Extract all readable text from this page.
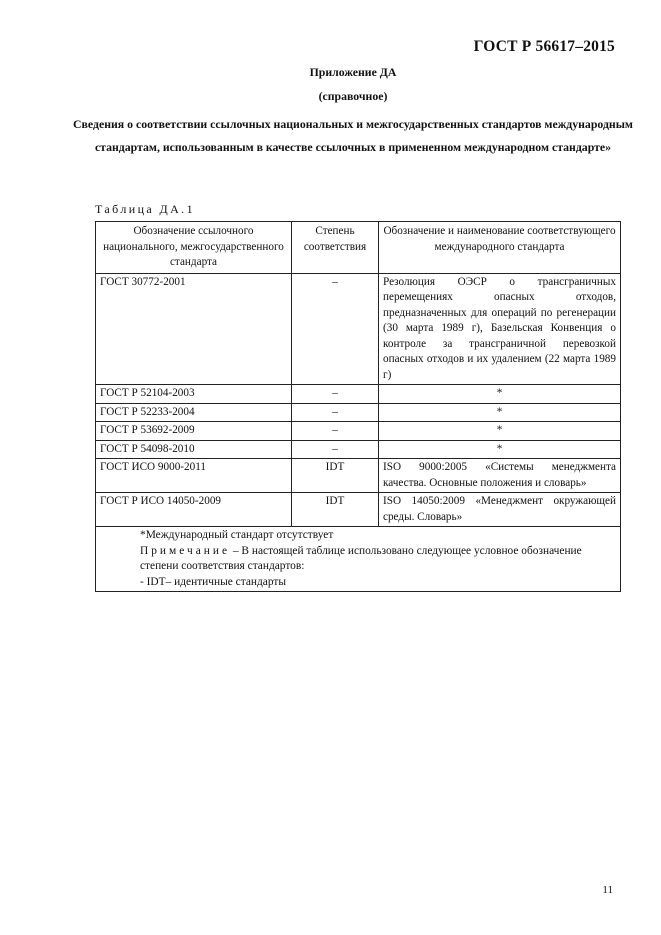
ГОСТ Р 56617–2015
Приложение ДА
(справочное)
Сведения о соответствии ссылочных национальных и межгосударственных стандартов международным стандартам, использованным в качестве ссылочных в примененном международном стандарте»
Таблица ДА.1
Обозначение ссылочного национального, межгосударственного стандарта	Степень соответствия	Обозначение и наименование соответствующего международного стандарта
ГОСТ 30772-2001	–	Резолюция ОЭСР о трансграничных перемещениях опасных отходов, предназначенных для операций по регенерации (30 марта 1989 г), Базельская Конвенция о контроле за трансграничной перевозкой опасных отходов и их удалением (22 марта 1989 г)
ГОСТ Р 52104-2003	–	*
ГОСТ Р 52233-2004	–	*
ГОСТ Р 53692-2009	–	*
ГОСТ Р 54098-2010	–	*
ГОСТ ИСО 9000-2011	IDT	ISO 9000:2005 «Системы менеджмента качества. Основные положения и словарь»
ГОСТ Р ИСО 14050-2009	IDT	ISO 14050:2009 «Менеджмент окружающей среды. Словарь»

*Международный стандарт отсутствует
Примечание – В настоящей таблице использовано следующее условное обозначение степени соответствия стандартов:
- IDT– идентичные стандарты		
11
